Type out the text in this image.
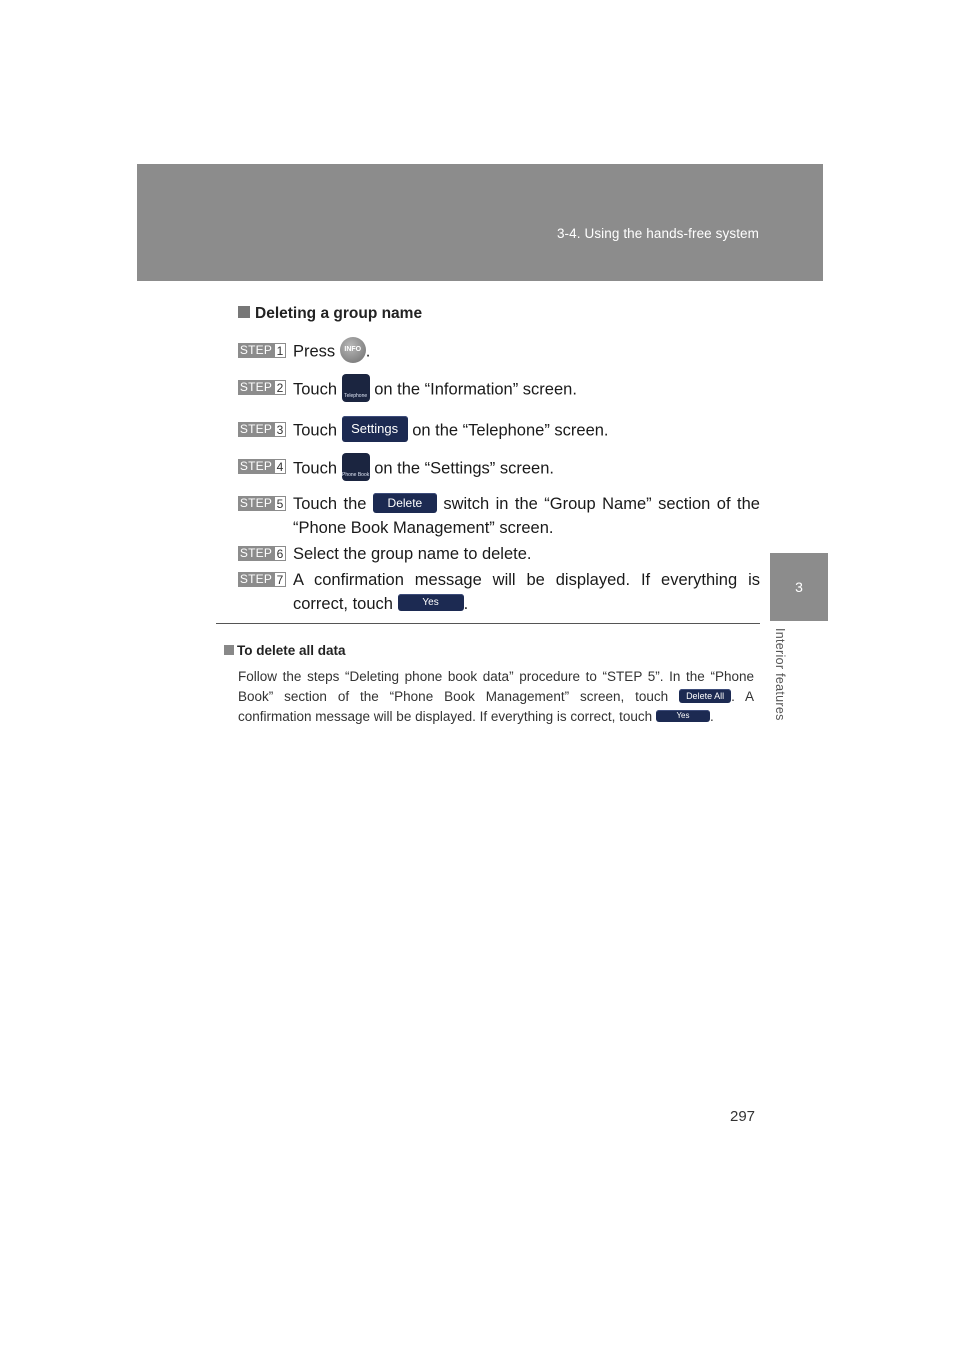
3-4. Using the hands-free system
3
Interior features
Deleting a group name
STEP 1 Press INFO .
STEP 2 Touch Telephone on the “Information” screen.
STEP 3 Touch Settings on the “Telephone” screen.
STEP 4 Touch Phone Book on the “Settings” screen.
STEP 5 Touch the Delete switch in the “Group Name” section of the “Phone Book Management” screen.
STEP 6 Select the group name to delete.
STEP 7 A confirmation message will be displayed. If everything is correct, touch	Yes .
To delete all data
Follow the steps “Deleting phone book data” procedure to “STEP 5”. In the “Phone Book” section of the “Phone Book Management” screen, touch Delete All . A confirmation message will be displayed. If everything is correct, touch	Yes .
297
